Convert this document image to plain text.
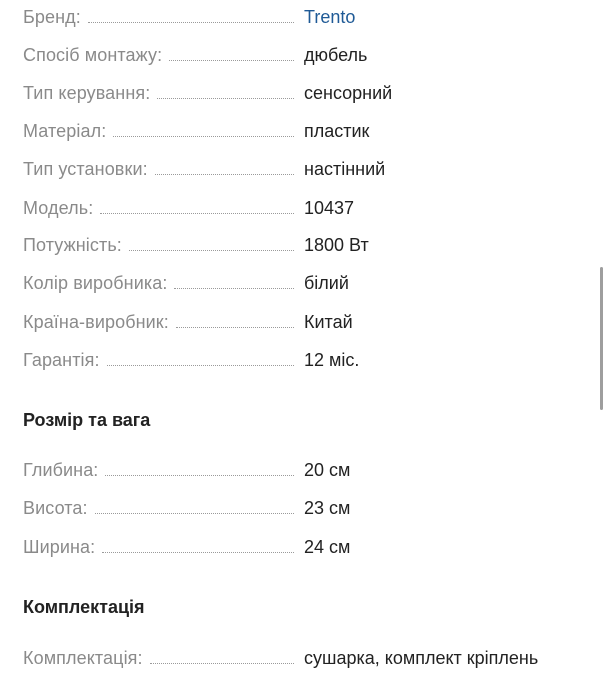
Бренд:	Trento
Спосіб монтажу:	дюбель
Тип керування:	сенсорний
Матеріал:	пластик
Тип установки:	настінний
Модель:	10437
Потужність:	1800 Вт
Колір виробника:	білий
Країна-виробник:	Китай
Гарантія:	12 міс.
Розмір та вага
Глибина:	20 см
Висота:	23 см
Ширина:	24 см
Комплектація
Комплектація:	сушарка, комплект кріплень
